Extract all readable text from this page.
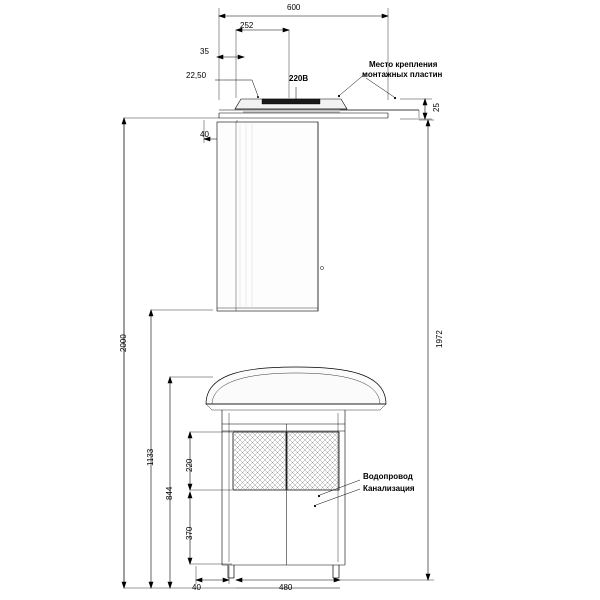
600
252
35
22,50	220В
Место крепления
монтажных пластин
25
40
2000	1972
1133
844
220
370
Водопровод
Канализация
40	480
